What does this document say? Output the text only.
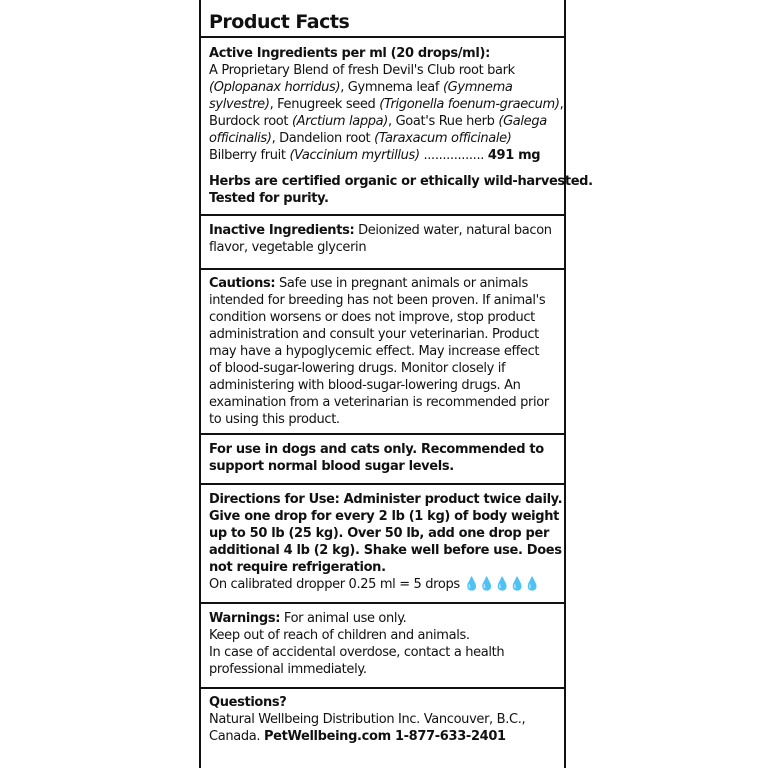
Product Facts
Active Ingredients per ml (20 drops/ml):
A Proprietary Blend of fresh Devil's Club root bark
(Oplopanax horridus), Gymnema leaf (Gymnema
sylvestre), Fenugreek seed (Trigonella foenum-graecum),
Burdock root (Arctium lappa), Goat's Rue herb (Galega
officinalis), Dandelion root (Taraxacum officinale)
Bilberry fruit (Vaccinium myrtillus) ................ 491 mg
Herbs are certified organic or ethically wild-harvested.
Tested for purity.
Inactive Ingredients: Deionized water, natural bacon
flavor, vegetable glycerin
Cautions: Safe use in pregnant animals or animals
intended for breeding has not been proven. If animal's
condition worsens or does not improve, stop product
administration and consult your veterinarian. Product
may have a hypoglycemic effect. May increase effect
of blood-sugar-lowering drugs. Monitor closely if
administering with blood-sugar-lowering drugs. An
examination from a veterinarian is recommended prior
to using this product.
For use in dogs and cats only. Recommended to
support normal blood sugar levels.
Directions for Use: Administer product twice daily.
Give one drop for every 2 lb (1 kg) of body weight
up to 50 lb (25 kg). Over 50 lb, add one drop per
additional 4 lb (2 kg). Shake well before use. Does
not require refrigeration.
On calibrated dropper 0.25 ml = 5 drops 💧💧💧💧💧
Warnings: For animal use only.
Keep out of reach of children and animals.
In case of accidental overdose, contact a health
professional immediately.
Questions?
Natural Wellbeing Distribution Inc. Vancouver, B.C.,
Canada. PetWellbeing.com 1-877-633-2401
